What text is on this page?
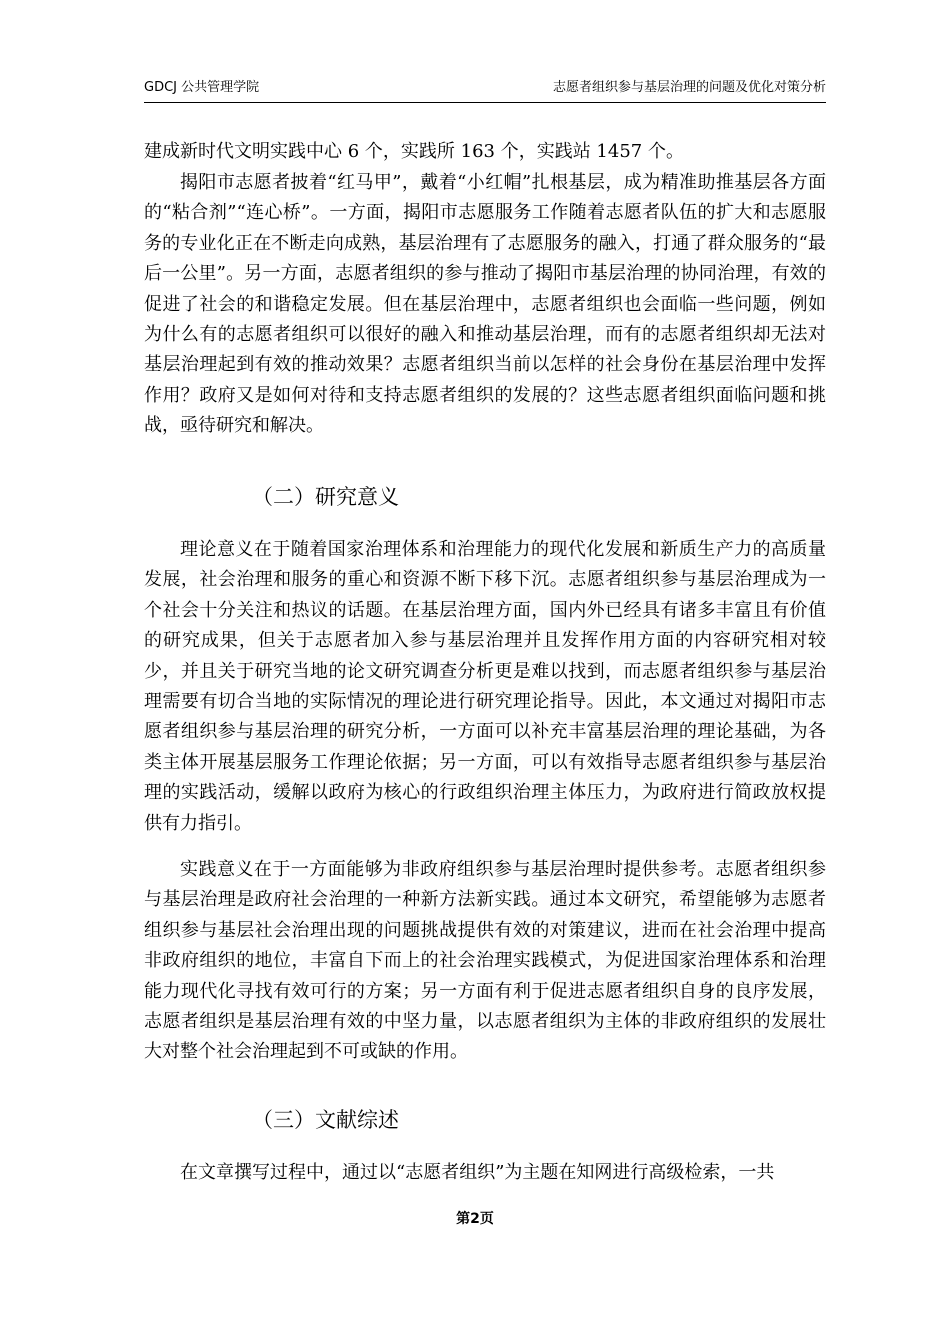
GDCJ 公共管理学院	志愿者组织参与基层治理的问题及优化对策分析

建成新时代文明实践中心 6 个，实践所 163 个，实践站 1457 个。

揭阳市志愿者披着“红马甲”，戴着“小红帽”扎根基层，成为精准助推基层各方面的“粘合剂”“连心桥”。一方面，揭阳市志愿服务工作随着志愿者队伍的扩大和志愿服务的专业化正在不断走向成熟，基层治理有了志愿服务的融入，打通了群众服务的“最后一公里”。另一方面，志愿者组织的参与推动了揭阳市基层治理的协同治理，有效的促进了社会的和谐稳定发展。但在基层治理中，志愿者组织也会面临一些问题，例如为什么有的志愿者组织可以很好的融入和推动基层治理，而有的志愿者组织却无法对基层治理起到有效的推动效果？志愿者组织当前以怎样的社会身份在基层治理中发挥作用？政府又是如何对待和支持志愿者组织的发展的？这些志愿者组织面临问题和挑战，亟待研究和解决。

（二）研究意义

理论意义在于随着国家治理体系和治理能力的现代化发展和新质生产力的高质量发展，社会治理和服务的重心和资源不断下移下沉。志愿者组织参与基层治理成为一个社会十分关注和热议的话题。在基层治理方面，国内外已经具有诸多丰富且有价值的研究成果，但关于志愿者加入参与基层治理并且发挥作用方面的内容研究相对较少，并且关于研究当地的论文研究调查分析更是难以找到，而志愿者组织参与基层治理需要有切合当地的实际情况的理论进行研究理论指导。因此，本文通过对揭阳市志愿者组织参与基层治理的研究分析，一方面可以补充丰富基层治理的理论基础，为各类主体开展基层服务工作理论依据；另一方面，可以有效指导志愿者组织参与基层治理的实践活动，缓解以政府为核心的行政组织治理主体压力，为政府进行简政放权提供有力指引。

实践意义在于一方面能够为非政府组织参与基层治理时提供参考。志愿者组织参与基层治理是政府社会治理的一种新方法新实践。通过本文研究，希望能够为志愿者组织参与基层社会治理出现的问题挑战提供有效的对策建议，进而在社会治理中提高非政府组织的地位，丰富自下而上的社会治理实践模式，为促进国家治理体系和治理能力现代化寻找有效可行的方案；另一方面有利于促进志愿者组织自身的良序发展，志愿者组织是基层治理有效的中坚力量，以志愿者组织为主体的非政府组织的发展壮大对整个社会治理起到不可或缺的作用。

（三）文献综述

在文章撰写过程中，通过以“志愿者组织”为主题在知网进行高级检索，一共

第2页
